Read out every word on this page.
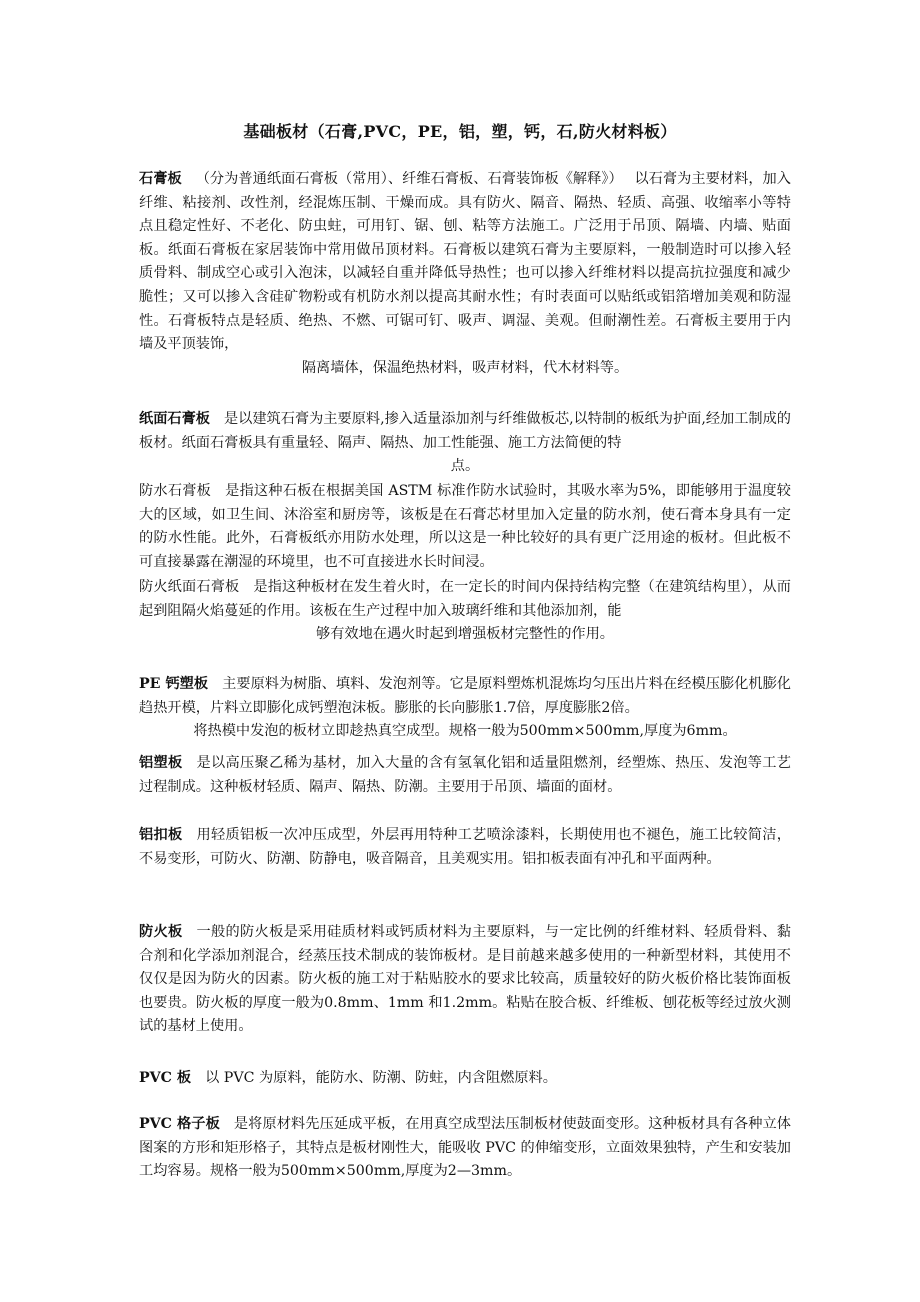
基础板材（石膏,PVC，PE，铝，塑，钙，石,防火材料板）
石膏板 （分为普通纸面石膏板（常用）、纤维石膏板、石膏装饰板《解释》）　 以石膏为主要材料，加入纤维、粘接剂、改性剂，经混炼压制、干燥而成。具有防火、隔音、隔热、轻质、高强、收缩率小等特点且稳定性好、不老化、防虫蛀，可用钉、锯、刨、粘等方法施工。广泛用于吊顶、隔墙、内墙、贴面板。纸面石膏板在家居装饰中常用做吊顶材料。石膏板以建筑石膏为主要原料，一般制造时可以掺入轻质骨料、制成空心或引入泡沫，以减轻自重并降低导热性；也可以掺入纤维材料以提高抗拉强度和减少脆性；又可以掺入含硅矿物粉或有机防水剂以提高其耐水性；有时表面可以贴纸或铝箔增加美观和防湿性。石膏板特点是轻质、绝热、不燃、可锯可钉、吸声、调湿、美观。但耐潮性差。石膏板主要用于内墙及平顶装饰，
隔离墙体，保温绝热材料，吸声材料，代木材料等。
纸面石膏板 是以建筑石膏为主要原料,掺入适量添加剂与纤维做板芯,以特制的板纸为护面,经加工制成的板材。纸面石膏板具有重量轻、隔声、隔热、加工性能强、施工方法简便的特
点。
防水石膏板 是指这种石板在根据美国 ASTM 标准作防水试验时，其吸水率为5%，即能够用于温度较大的区域，如卫生间、沐浴室和厨房等，该板是在石膏芯材里加入定量的防水剂，使石膏本身具有一定的防水性能。此外，石膏板纸亦用防水处理，所以这是一种比较好的具有更广泛用途的板材。但此板不可直接暴露在潮湿的环境里，也不可直接进水长时间浸。
防火纸面石膏板 是指这种板材在发生着火时，在一定长的时间内保持结构完整（在建筑结构里），从而起到阻隔火焰蔓延的作用。该板在生产过程中加入玻璃纤维和其他添加剂，能
够有效地在遇火时起到增强板材完整性的作用。
PE 钙塑板 主要原料为树脂、填料、发泡剂等。它是原料塑炼机混炼均匀压出片料在经模压膨化机膨化趋热开模，片料立即膨化成钙塑泡沫板。膨胀的长向膨胀1.7倍，厚度膨胀2倍。
将热模中发泡的板材立即趁热真空成型。规格一般为500mm×500mm,厚度为6mm。
铝塑板 是以高压聚乙稀为基材，加入大量的含有氢氧化铝和适量阻燃剂，经塑炼、热压、发泡等工艺过程制成。这种板材轻质、隔声、隔热、防潮。主要用于吊顶、墙面的面材。
铝扣板 用轻质铝板一次冲压成型，外层再用特种工艺喷涂漆料，长期使用也不褪色，施工比较简洁，不易变形，可防火、防潮、防静电，吸音隔音，且美观实用。铝扣板表面有冲孔和平面两种。
防火板 一般的防火板是采用硅质材料或钙质材料为主要原料，与一定比例的纤维材料、轻质骨料、黏合剂和化学添加剂混合，经蒸压技术制成的装饰板材。是目前越来越多使用的一种新型材料，其使用不仅仅是因为防火的因素。防火板的施工对于粘贴胶水的要求比较高，质量较好的防火板价格比装饰面板也要贵。防火板的厚度一般为0.8mm、1mm 和1.2mm。粘贴在胶合板、纤维板、刨花板等经过放火测试的基材上使用。
PVC 板 以 PVC 为原料，能防水、防潮、防蛀，内含阻燃原料。
PVC 格子板 是将原材料先压延成平板，在用真空成型法压制板材使鼓面变形。这种板材具有各种立体图案的方形和矩形格子，其特点是板材刚性大，能吸收 PVC 的伸缩变形，立面效果独特，产生和安装加工均容易。规格一般为500mm×500mm,厚度为2—3mm。
